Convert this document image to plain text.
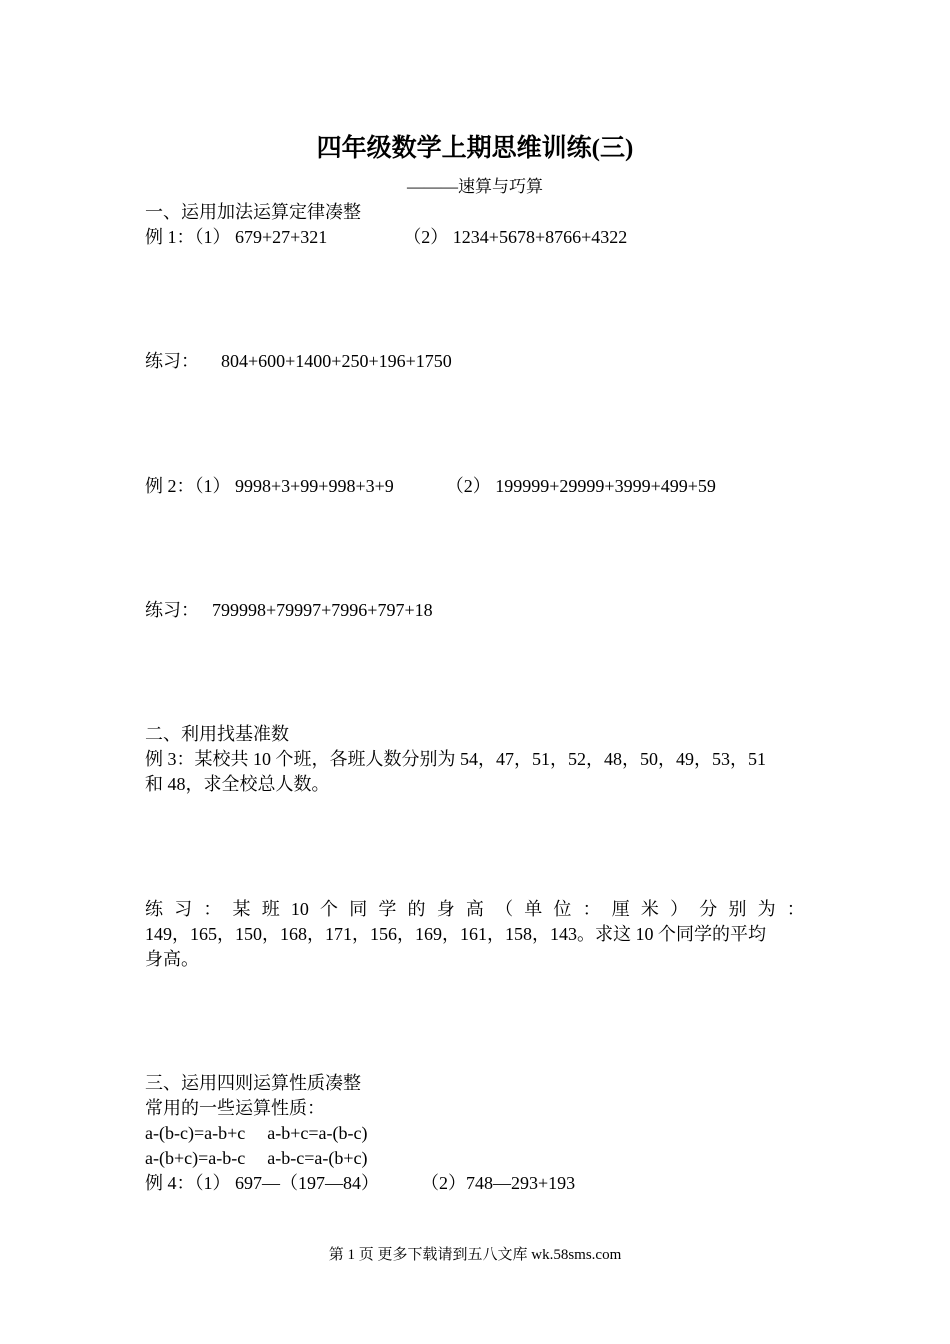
四年级数学上期思维训练(三)
———速算与巧算
一、运用加法运算定律凑整
例 1：（1） 679+27+321	（2） 1234+5678+8766+4322
练习： 804+600+1400+250+196+1750
例 2：（1） 9998+3+99+998+3+9	（2） 199999+29999+3999+499+59
练习： 799998+79997+7996+797+18
二、利用找基准数
例 3：某校共 10 个班，各班人数分别为 54，47，51，52，48，50，49，53，51
和 48，求全校总人数。
练 习 ： 某 班 10 个 同 学 的 身 高 （ 单 位 ： 厘 米 ） 分 别 为 ：
149，165，150，168，171，156，169，161，158，143。求这 10 个同学的平均
身高。
三、运用四则运算性质凑整
常用的一些运算性质：
a-(b-c)=a-b+c a-b+c=a-(b-c)
a-(b+c)=a-b-c a-b-c=a-(b+c)
例 4：（1） 697—（197—84） （2）748—293+193
第 1 页 更多下载请到五八文库 wk.58sms.com
